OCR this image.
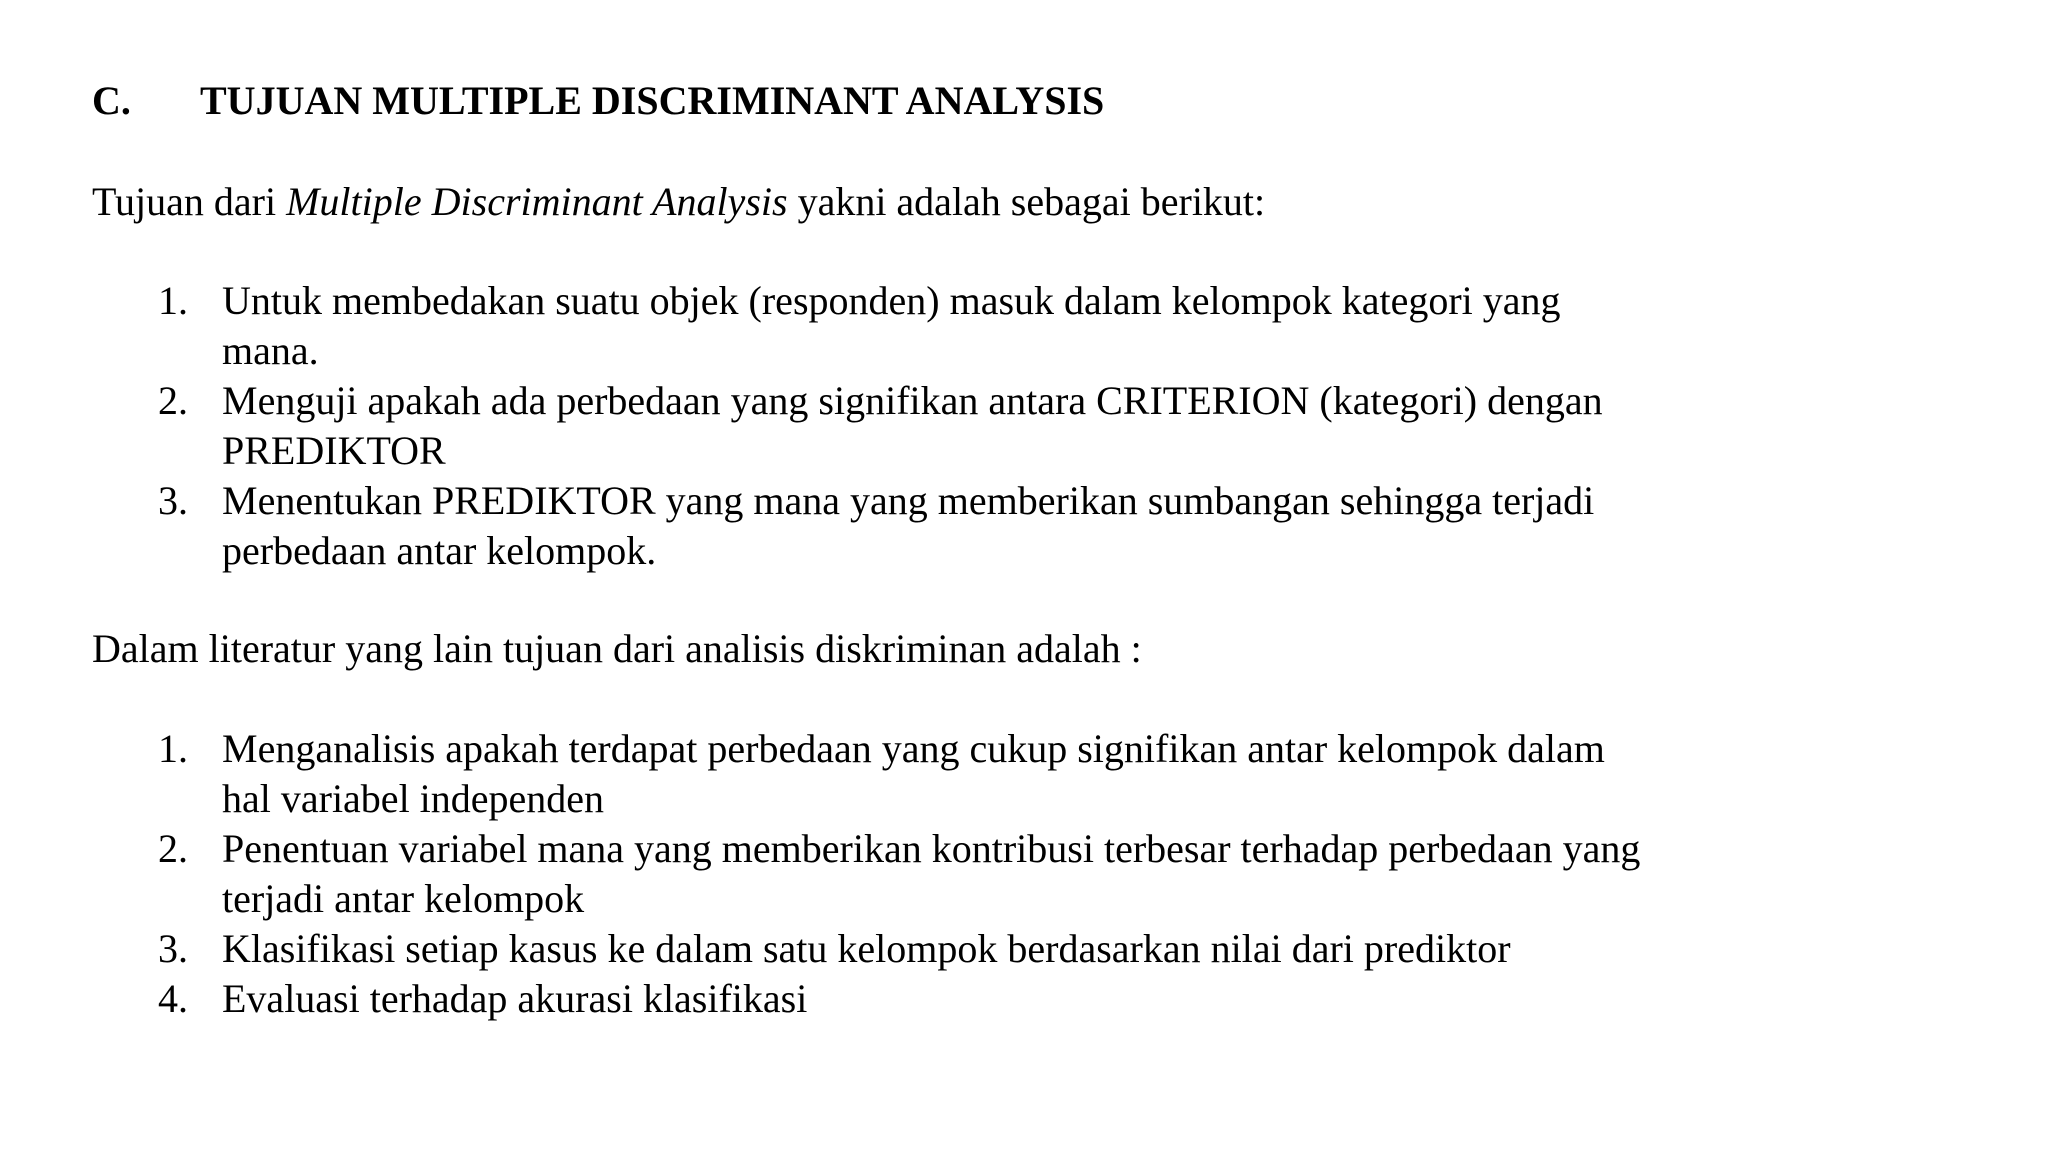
C. TUJUAN MULTIPLE DISCRIMINANT ANALYSIS
Tujuan dari Multiple Discriminant Analysis yakni adalah sebagai berikut:
1. Untuk membedakan suatu objek (responden) masuk dalam kelompok kategori yang
mana.
2. Menguji apakah ada perbedaan yang signifikan antara CRITERION (kategori) dengan
PREDIKTOR
3. Menentukan PREDIKTOR yang mana yang memberikan sumbangan sehingga terjadi
perbedaan antar kelompok.
Dalam literatur yang lain tujuan dari analisis diskriminan adalah :
1. Menganalisis apakah terdapat perbedaan yang cukup signifikan antar kelompok dalam
hal variabel independen
2. Penentuan variabel mana yang memberikan kontribusi terbesar terhadap perbedaan yang
terjadi antar kelompok
3. Klasifikasi setiap kasus ke dalam satu kelompok berdasarkan nilai dari prediktor
4. Evaluasi terhadap akurasi klasifikasi
